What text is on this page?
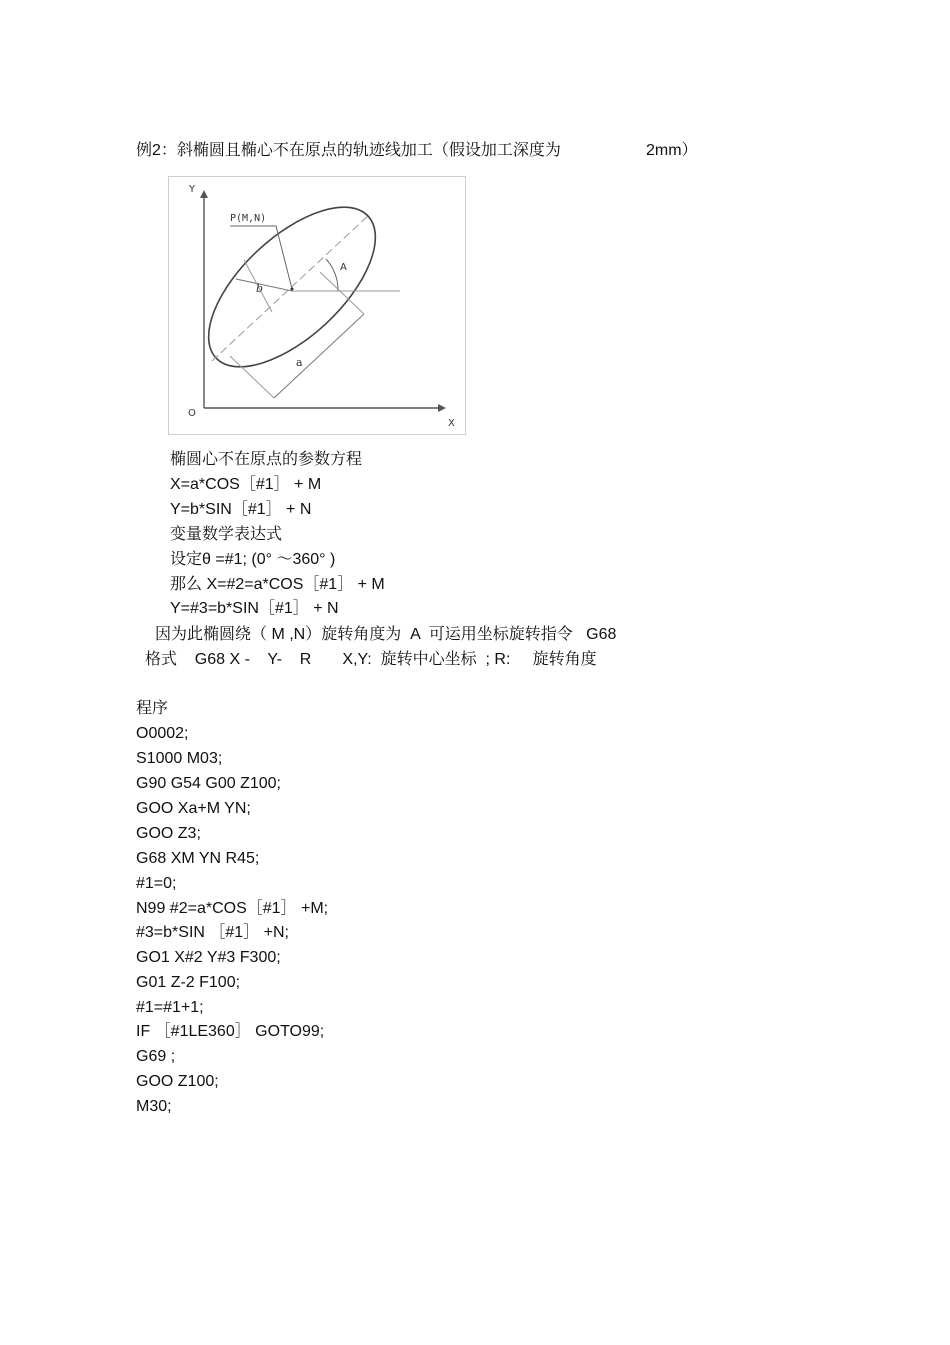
例2：斜椭圆且椭心不在原点的轨迹线加工（假设加工深度为	2mm）
P(M,N)
A
b
a
Y
X
O
椭圆心不在原点的参数方程
X=a*COS［#1］ + M
Y=b*SIN［#1］ + N
变量数学表达式
设定θ =#1; (0° ～360° )
那么 X=#2=a*COS［#1］ + M
Y=#3=b*SIN［#1］ + N
因为此椭圆绕（ M ,N）旋转角度为  A  可运用坐标旋转指令   G68
格式    G68 X -    Y-    R       X,Y:  旋转中心坐标  ; R:     旋转角度
程序
O0002;
S1000 M03;
G90 G54 G00 Z100;
GOO Xa+M YN;
GOO Z3;
G68 XM YN R45;
#1=0;
N99 #2=a*COS［#1］ +M;
#3=b*SIN ［#1］ +N;
GO1 X#2 Y#3 F300;
G01 Z-2 F100;
#1=#1+1;
IF ［#1LE360］ GOTO99;
G69 ;
GOO Z100;
M30;
